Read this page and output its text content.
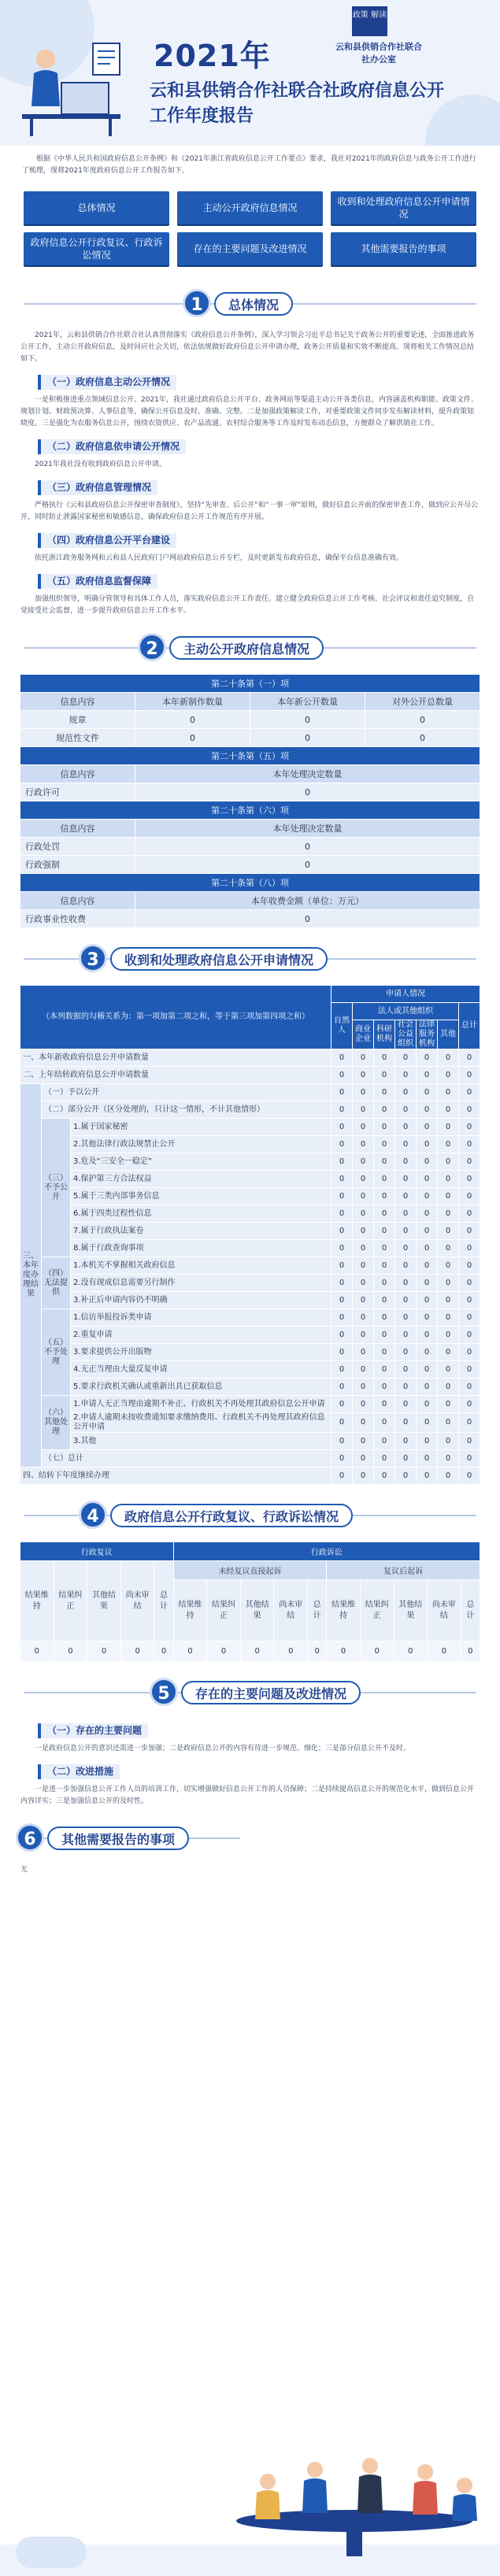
2021年
政策 解读
云和县供销合作社联合社办公室
云和县供销合作社联合社政府信息公开工作年度报告
根据《中华人民共和国政府信息公开条例》和《2021年浙江省政府信息公开工作要点》要求，我社对2021年的政府信息与政务公开工作进行了梳理，现将2021年度政府信息公开工作报告如下。
总体情况	主动公开政府信息情况
收到和处理政府信息公开申请情况
政府信息公开行政复议、行政诉讼情况
存在的主要问题及改进情况	其他需要报告的事项
1	总体情况

2021年，云和县供销合作社联合社认真贯彻落实《政府信息公开条例》，深入学习领会习近平总书记关于政务公开的重要论述，全面推进政务公开工作，主动公开政府信息，及时回应社会关切，依法依规做好政府信息公开申请办理，政务公开质量和实效不断提高。现将相关工作情况总结如下。

（一）政府信息主动公开情况

一是积极推进重点领域信息公开。2021年，我社通过政府信息公开平台、政务网站等渠道主动公开各类信息，内容涵盖机构职能、政策文件、规划计划、财政预决算、人事信息等，确保公开信息及时、准确、完整。二是加强政策解读工作，对重要政策文件同步发布解读材料，提升政策知晓度。三是强化为农服务信息公开，围绕农资供应、农产品流通、农村综合服务等工作及时发布动态信息，方便群众了解供销社工作。

（二）政府信息依申请公开情况

2021年我社没有收到政府信息公开申请。

（三）政府信息管理情况

严格执行《云和县政府信息公开保密审查制度》，坚持“先审查、后公开”和“一事一审”原则，做好信息公开前的保密审查工作，做到应公开尽公开，同时防止泄露国家秘密和敏感信息，确保政府信息公开工作规范有序开展。

（四）政府信息公开平台建设

依托浙江政务服务网和云和县人民政府门户网站政府信息公开专栏，及时更新发布政府信息，确保平台信息准确有效。

（五）政府信息监督保障

加强组织领导，明确分管领导和具体工作人员，落实政府信息公开工作责任。建立健全政府信息公开工作考核、社会评议和责任追究制度，自觉接受社会监督，进一步提升政府信息公开工作水平。

2	主动公开政府信息情况
第二十条第（一）项			
信息内容	本年新制作数量	本年新公开数量	对外公开总数量
规章	0	0	0
规范性文件	0	0	0
第二十条第（五）项			
信息内容	本年处理决定数量		
行政许可	0		
第二十条第（六）项			
信息内容	本年处理决定数量		
行政处罚	0		
行政强制	0		
第二十条第（八）项			
信息内容	本年收费金额（单位：万元）		
行政事业性收费	0		
3	收到和处理政府信息公开申请情况
（本列数据的勾稽关系为：第一项加第二项之和，等于第三项加第四项之和）			申请人情况						
			自然人	法人或其他组织					总计
				商业企业	科研机构	社会公益组织	法律服务机构	其他	
一、本年新收政府信息公开申请数量			0	0	0	0	0	0	0
二、上年结转政府信息公开申请数量			0	0	0	0	0	0	0
三、本年度办理结果	（一）予以公开		0	0	0	0	0	0	0
	（二）部分公开（区分处理的，只计这一情形，不计其他情形）		0	0	0	0	0	0	0
	（三）不予公开	1.属于国家秘密	0	0	0	0	0	0	0
		2.其他法律行政法规禁止公开	0	0	0	0	0	0	0
		3.危及“三安全一稳定”	0	0	0	0	0	0	0
		4.保护第三方合法权益	0	0	0	0	0	0	0
		5.属于三类内部事务信息	0	0	0	0	0	0	0
		6.属于四类过程性信息	0	0	0	0	0	0	0
		7.属于行政执法案卷	0	0	0	0	0	0	0
		8.属于行政查询事项	0	0	0	0	0	0	0
	（四）无法提供	1.本机关不掌握相关政府信息	0	0	0	0	0	0	0
		2.没有现成信息需要另行制作	0	0	0	0	0	0	0
		3.补正后申请内容仍不明确	0	0	0	0	0	0	0
	（五）不予处理	1.信访举报投诉类申请	0	0	0	0	0	0	0
		2.重复申请	0	0	0	0	0	0	0
		3.要求提供公开出版物	0	0	0	0	0	0	0
		4.无正当理由大量反复申请	0	0	0	0	0	0	0
		5.要求行政机关确认或重新出具已获取信息	0	0	0	0	0	0	0
	（六）其他处理	1.申请人无正当理由逾期不补正、行政机关不再处理其政府信息公开申请	0	0	0	0	0	0	0
		2.申请人逾期未按收费通知要求缴纳费用、行政机关不再处理其政府信息公开申请	0	0	0	0	0	0	0
		3.其他	0	0	0	0	0	0	0
	（七）总计		0	0	0	0	0	0	0
四、结转下年度继续办理			0	0	0	0	0	0	0
4	政府信息公开行政复议、行政诉讼情况
行政复议					行政诉讼									
结果维持	结果纠正	其他结果	尚未审结	总计	未经复议直接起诉					复议后起诉				
					结果维持	结果纠正	其他结果	尚未审结	总计	结果维持	结果纠正	其他结果	尚未审结	总计
0	0	0	0	0	0	0	0	0	0	0	0	0	0	0
5	存在的主要问题及改进情况
（一）存在的主要问题

一是政府信息公开的意识还需进一步加强；二是政府信息公开的内容有待进一步规范、细化；三是部分信息公开不及时。

（二）改进措施

一是进一步加强信息公开工作人员的培训工作，切实增强做好信息公开工作的人员保障；二是持续提高信息公开的规范化水平，做到信息公开内容详实；三是加强信息公开的及时性。

6	其他需要报告的事项

无
